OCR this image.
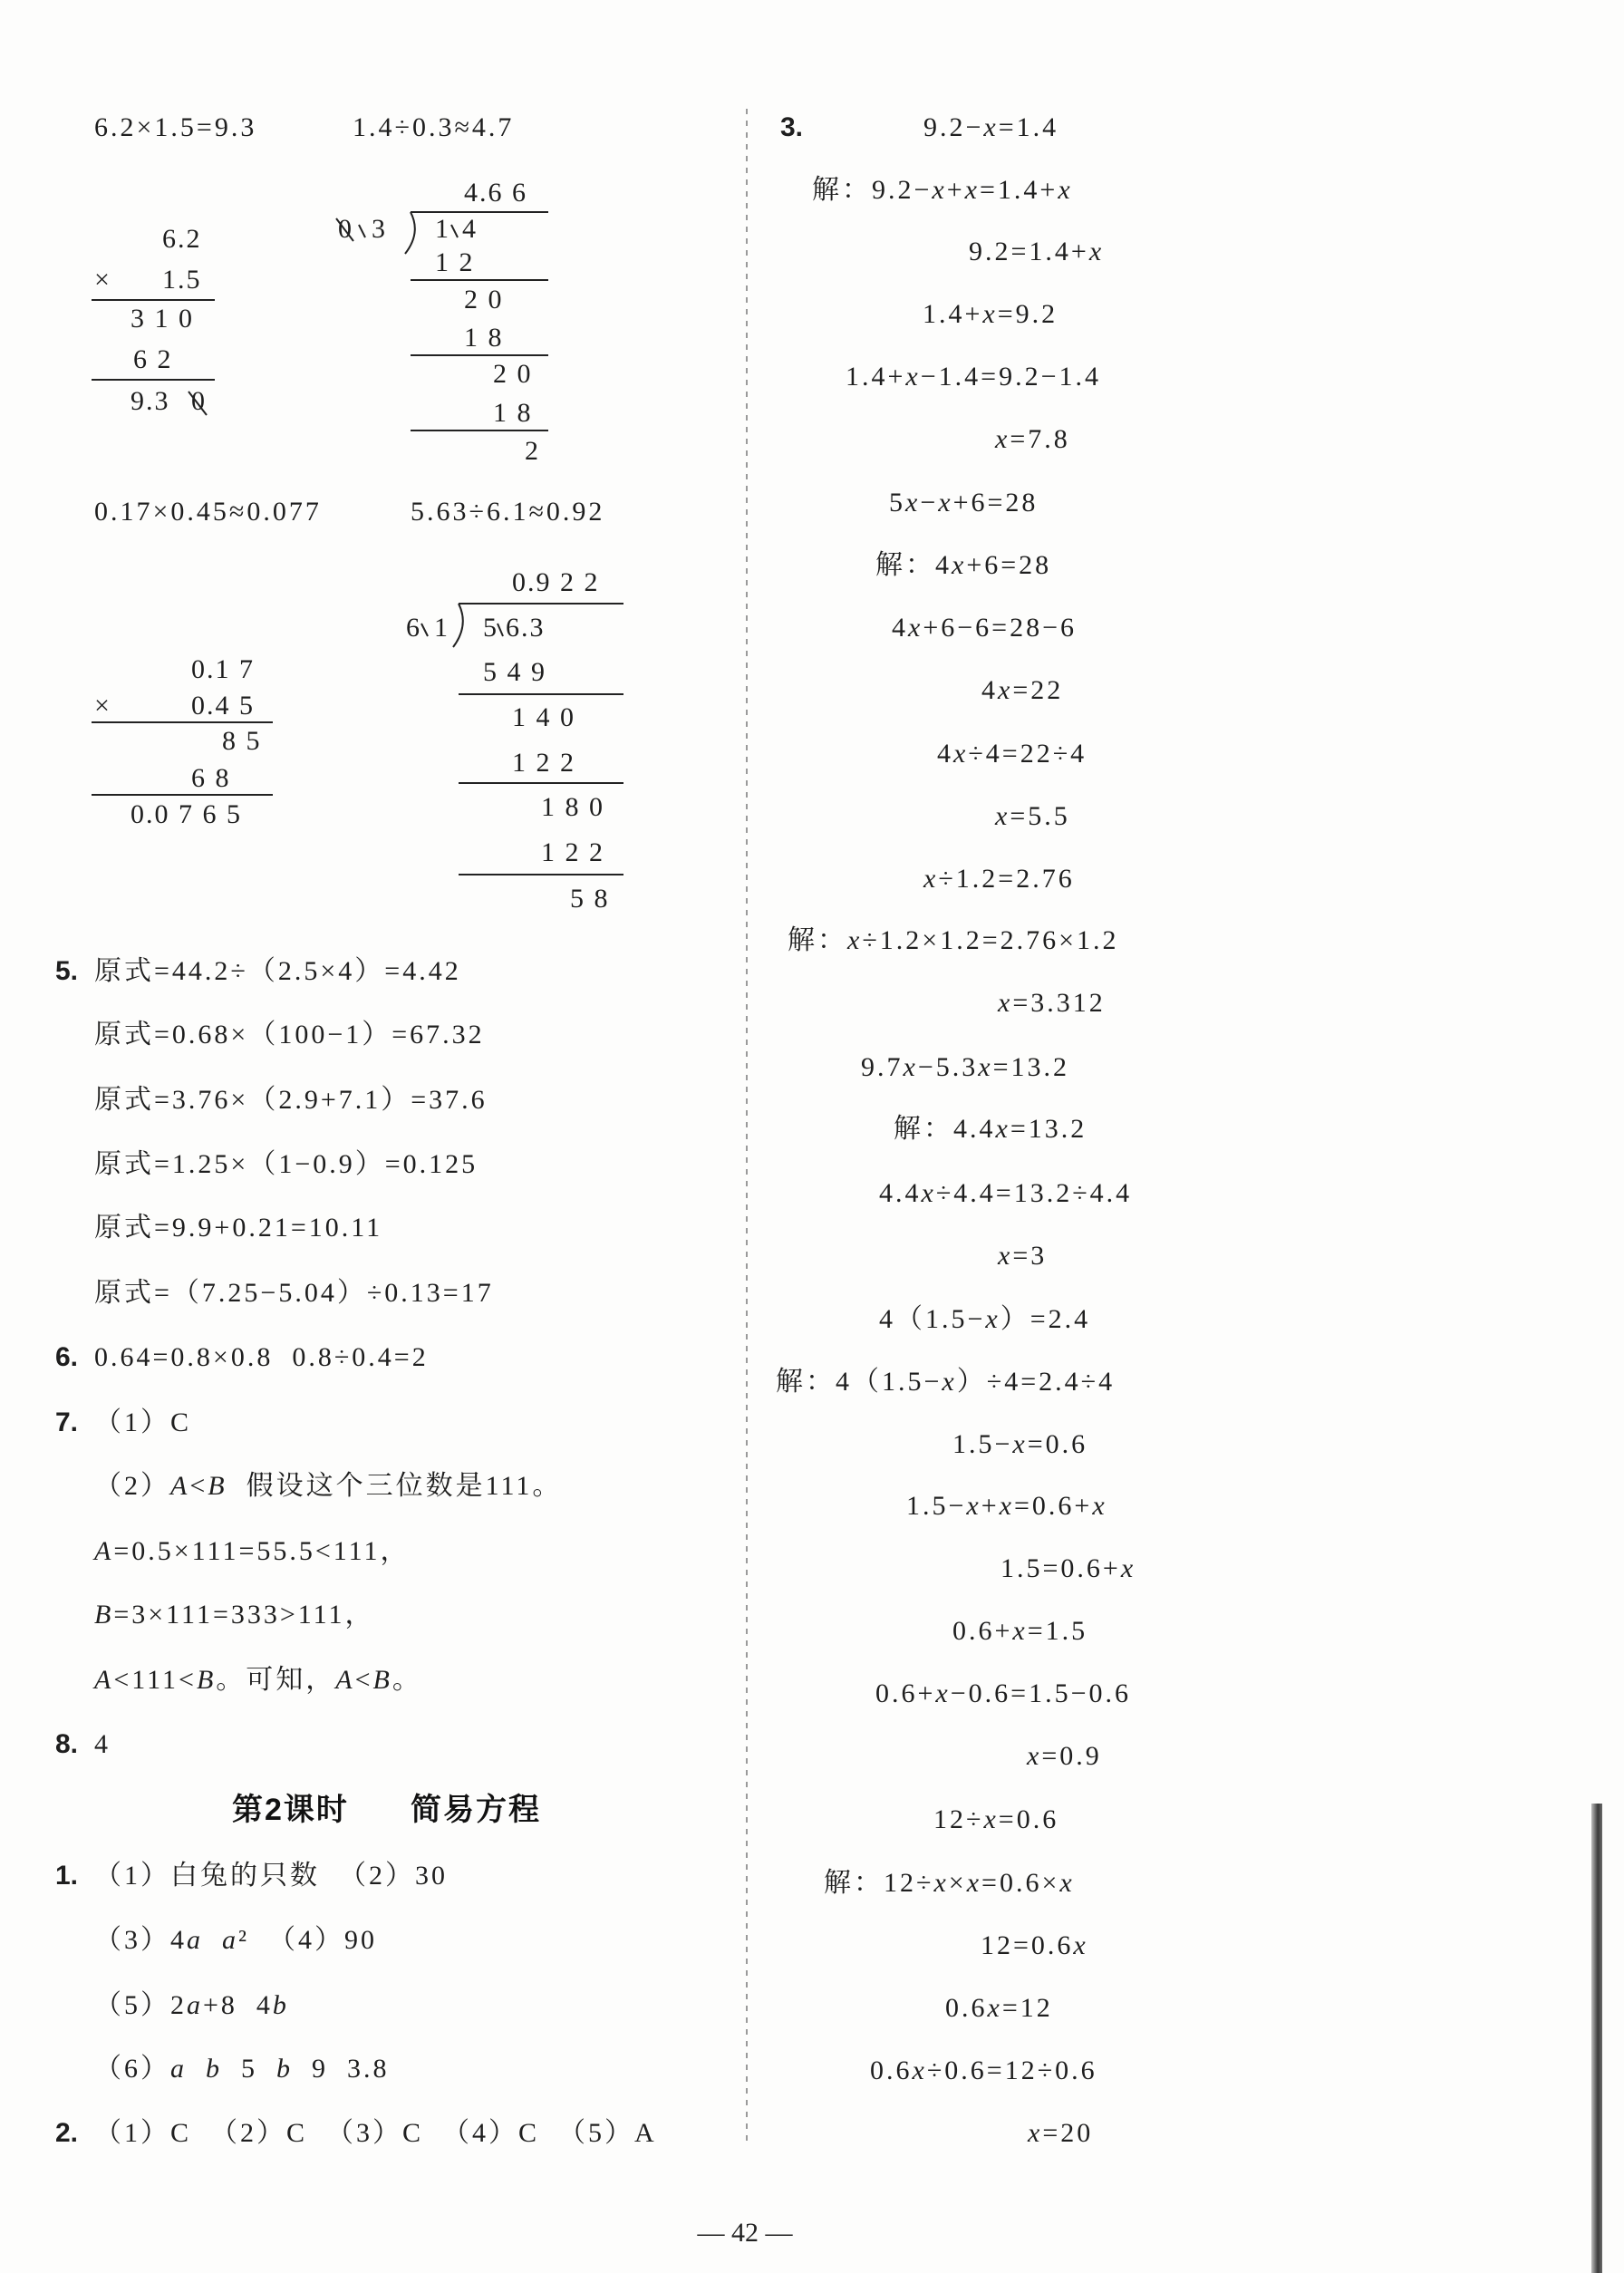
6.2×1.5=9.3	1.4÷0.3≈4.7
6.2
× 1.5
3 1 0
6 2
9.3 0
4.6 6
0 3 1 4
1 2
2 0
1 8
2 0
1 8
2
0.17×0.45≈0.077	5.63÷6.1≈0.92
0.1 7
×	0.4 5
8 5
6 8
0.0 7 6 5
0.9 2 2
6 1 5 6.3
5 4 9
1 4 0
1 2 2
1 8 0
1 2 2
5 8
5. 原式=44.2÷（2.5×4）=4.42
原式=0.68×（100−1）=67.32
原式=3.76×（2.9+7.1）=37.6
原式=1.25×（1−0.9）=0.125
原式=9.9+0.21=10.11
原式=（7.25−5.04）÷0.13=17
6. 0.64=0.8×0.8  0.8÷0.4=2
7. （1）C
（2）A<B  假设这个三位数是111。
A=0.5×111=55.5<111，
B=3×111=333>111，
A<111<B。可知，A<B。
8. 4
第2课时 简易方程
1. （1）白兔的只数  （2）30
（3）4a a²  （4）90
（5）2a+8  4b
（6）a b  5  b  9  3.8
2. （1）C  （2）C  （3）C  （4）C  （5）A
3.	9.2−x=1.4
解：9.2−x+x=1.4+x
9.2=1.4+x
1.4+x=9.2
1.4+x−1.4=9.2−1.4
x=7.8
5x−x+6=28
解：4x+6=28
4x+6−6=28−6
4x=22
4x÷4=22÷4
x=5.5
x÷1.2=2.76
解：x÷1.2×1.2=2.76×1.2
x=3.312
9.7x−5.3x=13.2
解：4.4x=13.2
4.4x÷4.4=13.2÷4.4
x=3
4（1.5−x）=2.4
解：4（1.5−x）÷4=2.4÷4
1.5−x=0.6
1.5−x+x=0.6+x
1.5=0.6+x
0.6+x=1.5
0.6+x−0.6=1.5−0.6
x=0.9
12÷x=0.6
解：12÷x×x=0.6×x
12=0.6x
0.6x=12
0.6x÷0.6=12÷0.6
x=20
— 42 —
